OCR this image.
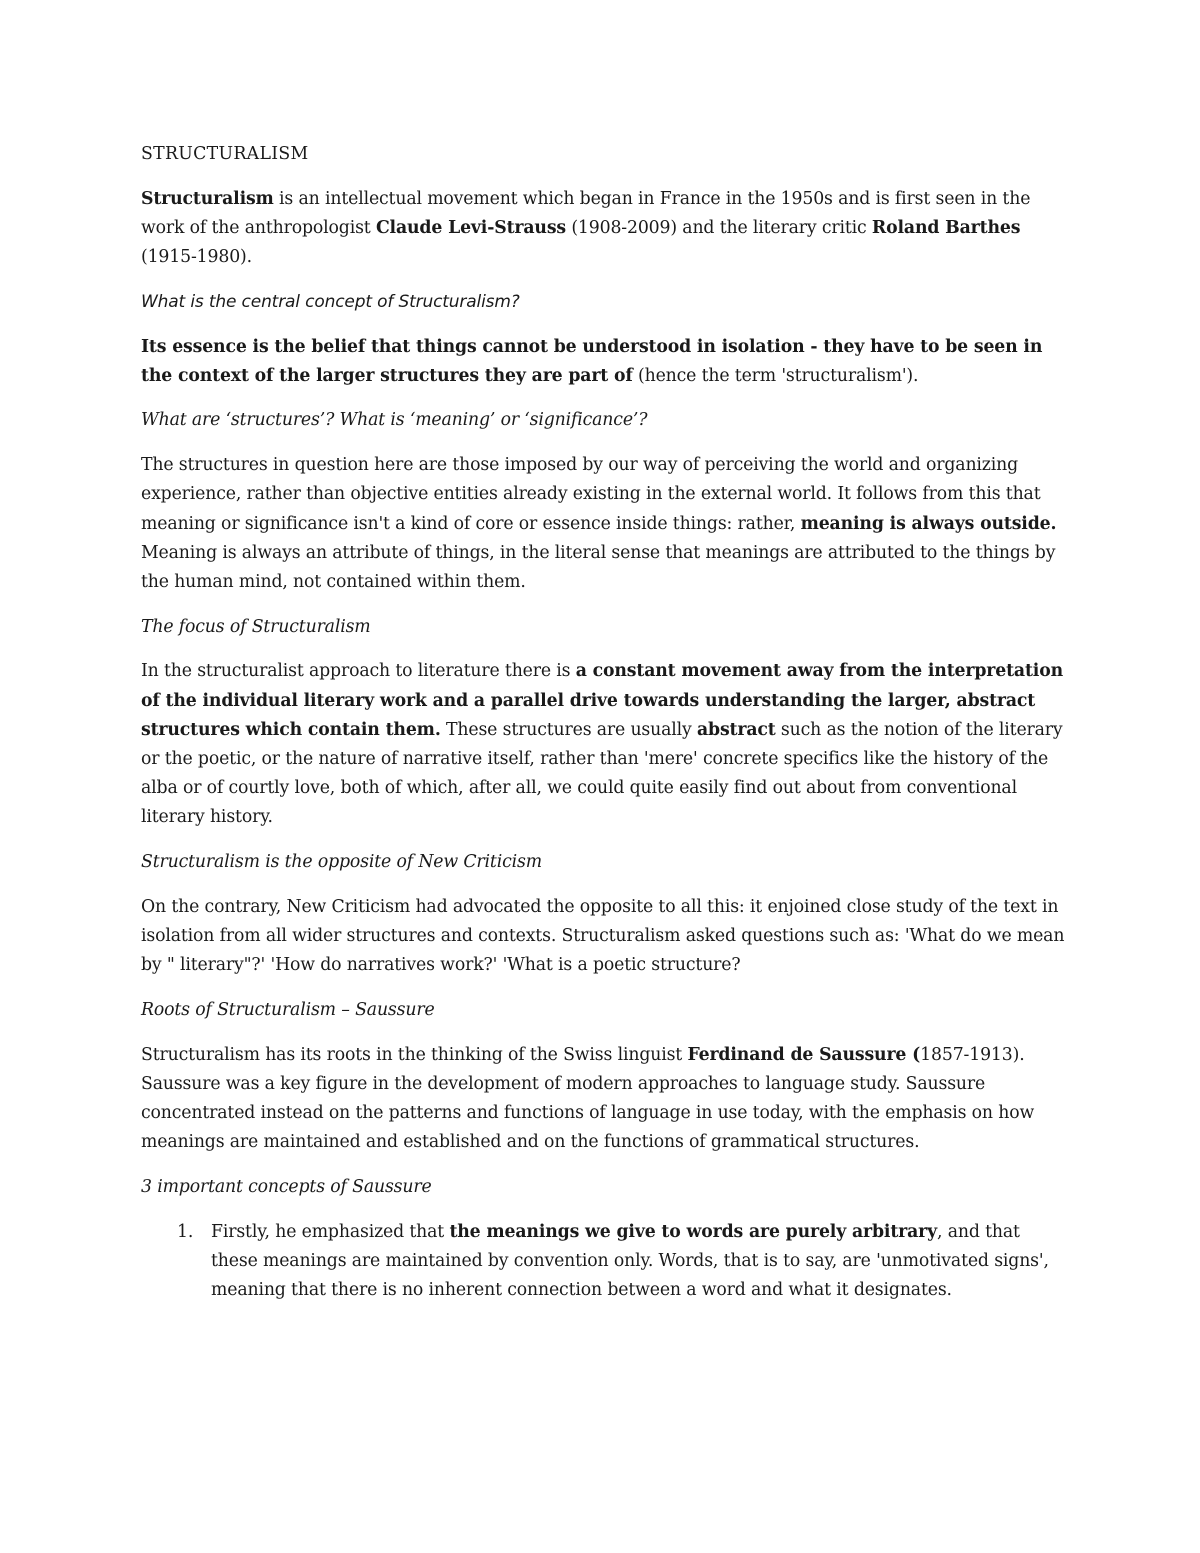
STRUCTURALISM

Structuralism is an intellectual movement which began in France in the 1950s and is first seen in the work of the anthropologist Claude Levi-Strauss (1908-2009) and the literary critic Roland Barthes (1915-1980).

What is the central concept of Structuralism?

Its essence is the belief that things cannot be understood in isolation - they have to be seen in the context of the larger structures they are part of (hence the term 'structuralism').

What are ‘structures’? What is ‘meaning’ or ‘significance’?

The structures in question here are those imposed by our way of perceiving the world and organizing experience, rather than objective entities already existing in the external world. It follows from this that meaning or significance isn't a kind of core or essence inside things: rather, meaning is always outside. Meaning is always an attribute of things, in the literal sense that meanings are attributed to the things by the human mind, not contained within them.

The focus of Structuralism

In the structuralist approach to literature there is a constant movement away from the interpretation of the individual literary work and a parallel drive towards understanding the larger, abstract structures which contain them. These structures are usually abstract such as the notion of the literary or the poetic, or the nature of narrative itself, rather than 'mere' concrete specifics like the history of the alba or of courtly love, both of which, after all, we could quite easily find out about from conventional literary history.

Structuralism is the opposite of New Criticism

On the contrary, New Criticism had advocated the opposite to all this: it enjoined close study of the text in isolation from all wider structures and contexts. Structuralism asked questions such as: 'What do we mean by " literary"?' 'How do narratives work?' 'What is a poetic structure?

Roots of Structuralism – Saussure

Structuralism has its roots in the thinking of the Swiss linguist Ferdinand de Saussure (1857-1913). Saussure was a key figure in the development of modern approaches to language study. Saussure concentrated instead on the patterns and functions of language in use today, with the emphasis on how meanings are maintained and established and on the functions of grammatical structures.

3 important concepts of Saussure

1. Firstly, he emphasized that the meanings we give to words are purely arbitrary, and that these meanings are maintained by convention only. Words, that is to say, are 'unmotivated signs', meaning that there is no inherent connection between a word and what it designates.
